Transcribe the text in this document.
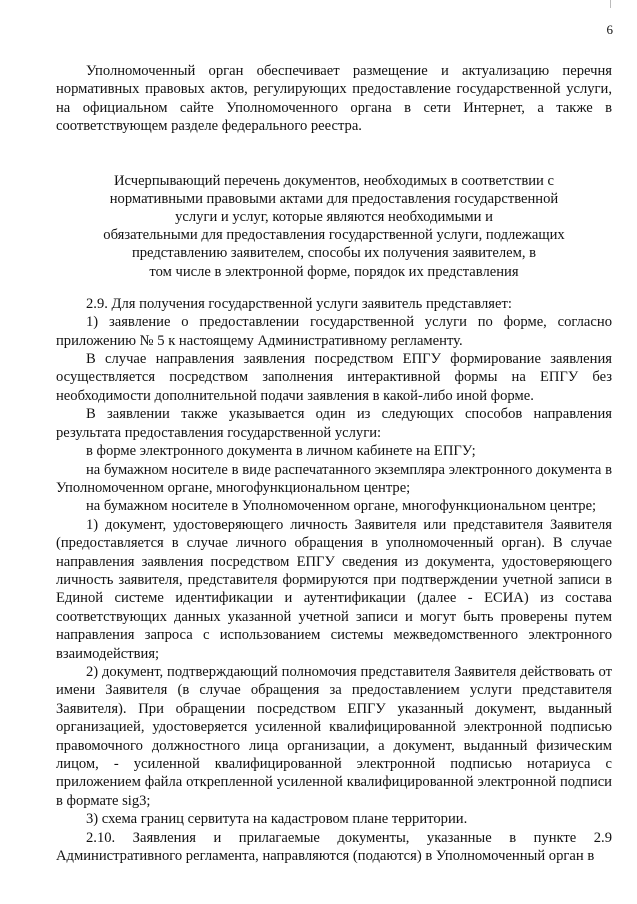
6

Уполномоченный орган обеспечивает размещение и актуализацию перечня нормативных правовых актов, регулирующих предоставление государственной услуги, на официальном сайте Уполномоченного органа в сети Интернет, а также в соответствующем разделе федерального реестра.

Исчерпывающий перечень документов, необходимых в соответствии с
нормативными правовыми актами для предоставления государственной
услуги и услуг, которые являются необходимыми и
обязательными для предоставления государственной услуги, подлежащих
представлению заявителем, способы их получения заявителем, в
том числе в электронной форме, порядок их представления

2.9. Для получения государственной услуги заявитель представляет:

1) заявление о предоставлении государственной услуги по форме, согласно приложению № 5 к настоящему Административному регламенту.

В случае направления заявления посредством ЕПГУ формирование заявления осуществляется посредством заполнения интерактивной формы на ЕПГУ без необходимости дополнительной подачи заявления в какой-либо иной форме.

В заявлении также указывается один из следующих способов направления результата предоставления государственной услуги:

в форме электронного документа в личном кабинете на ЕПГУ;

на бумажном носителе в виде распечатанного экземпляра электронного документа в Уполномоченном органе, многофункциональном центре;

на бумажном носителе в Уполномоченном органе, многофункциональном центре;

1) документ, удостоверяющего личность Заявителя или представителя Заявителя (предоставляется в случае личного обращения в уполномоченный орган). В случае направления заявления посредством ЕПГУ сведения из документа, удостоверяющего личность заявителя, представителя формируются при подтверждении учетной записи в Единой системе идентификации и аутентификации (далее - ЕСИА) из состава соответствующих данных указанной учетной записи и могут быть проверены путем направления запроса с использованием системы межведомственного электронного взаимодействия;

2) документ, подтверждающий полномочия представителя Заявителя действовать от имени Заявителя (в случае обращения за предоставлением услуги представителя Заявителя). При обращении посредством ЕПГУ указанный документ, выданный организацией, удостоверяется усиленной квалифицированной электронной подписью правомочного должностного лица организации, а документ, выданный физическим лицом, - усиленной квалифицированной электронной подписью нотариуса с приложением файла открепленной усиленной квалифицированной электронной подписи в формате sig3;

3) схема границ сервитута на кадастровом плане территории.

2.10. Заявления и прилагаемые документы, указанные в пункте 2.9 Административного регламента, направляются (подаются) в Уполномоченный орган в
